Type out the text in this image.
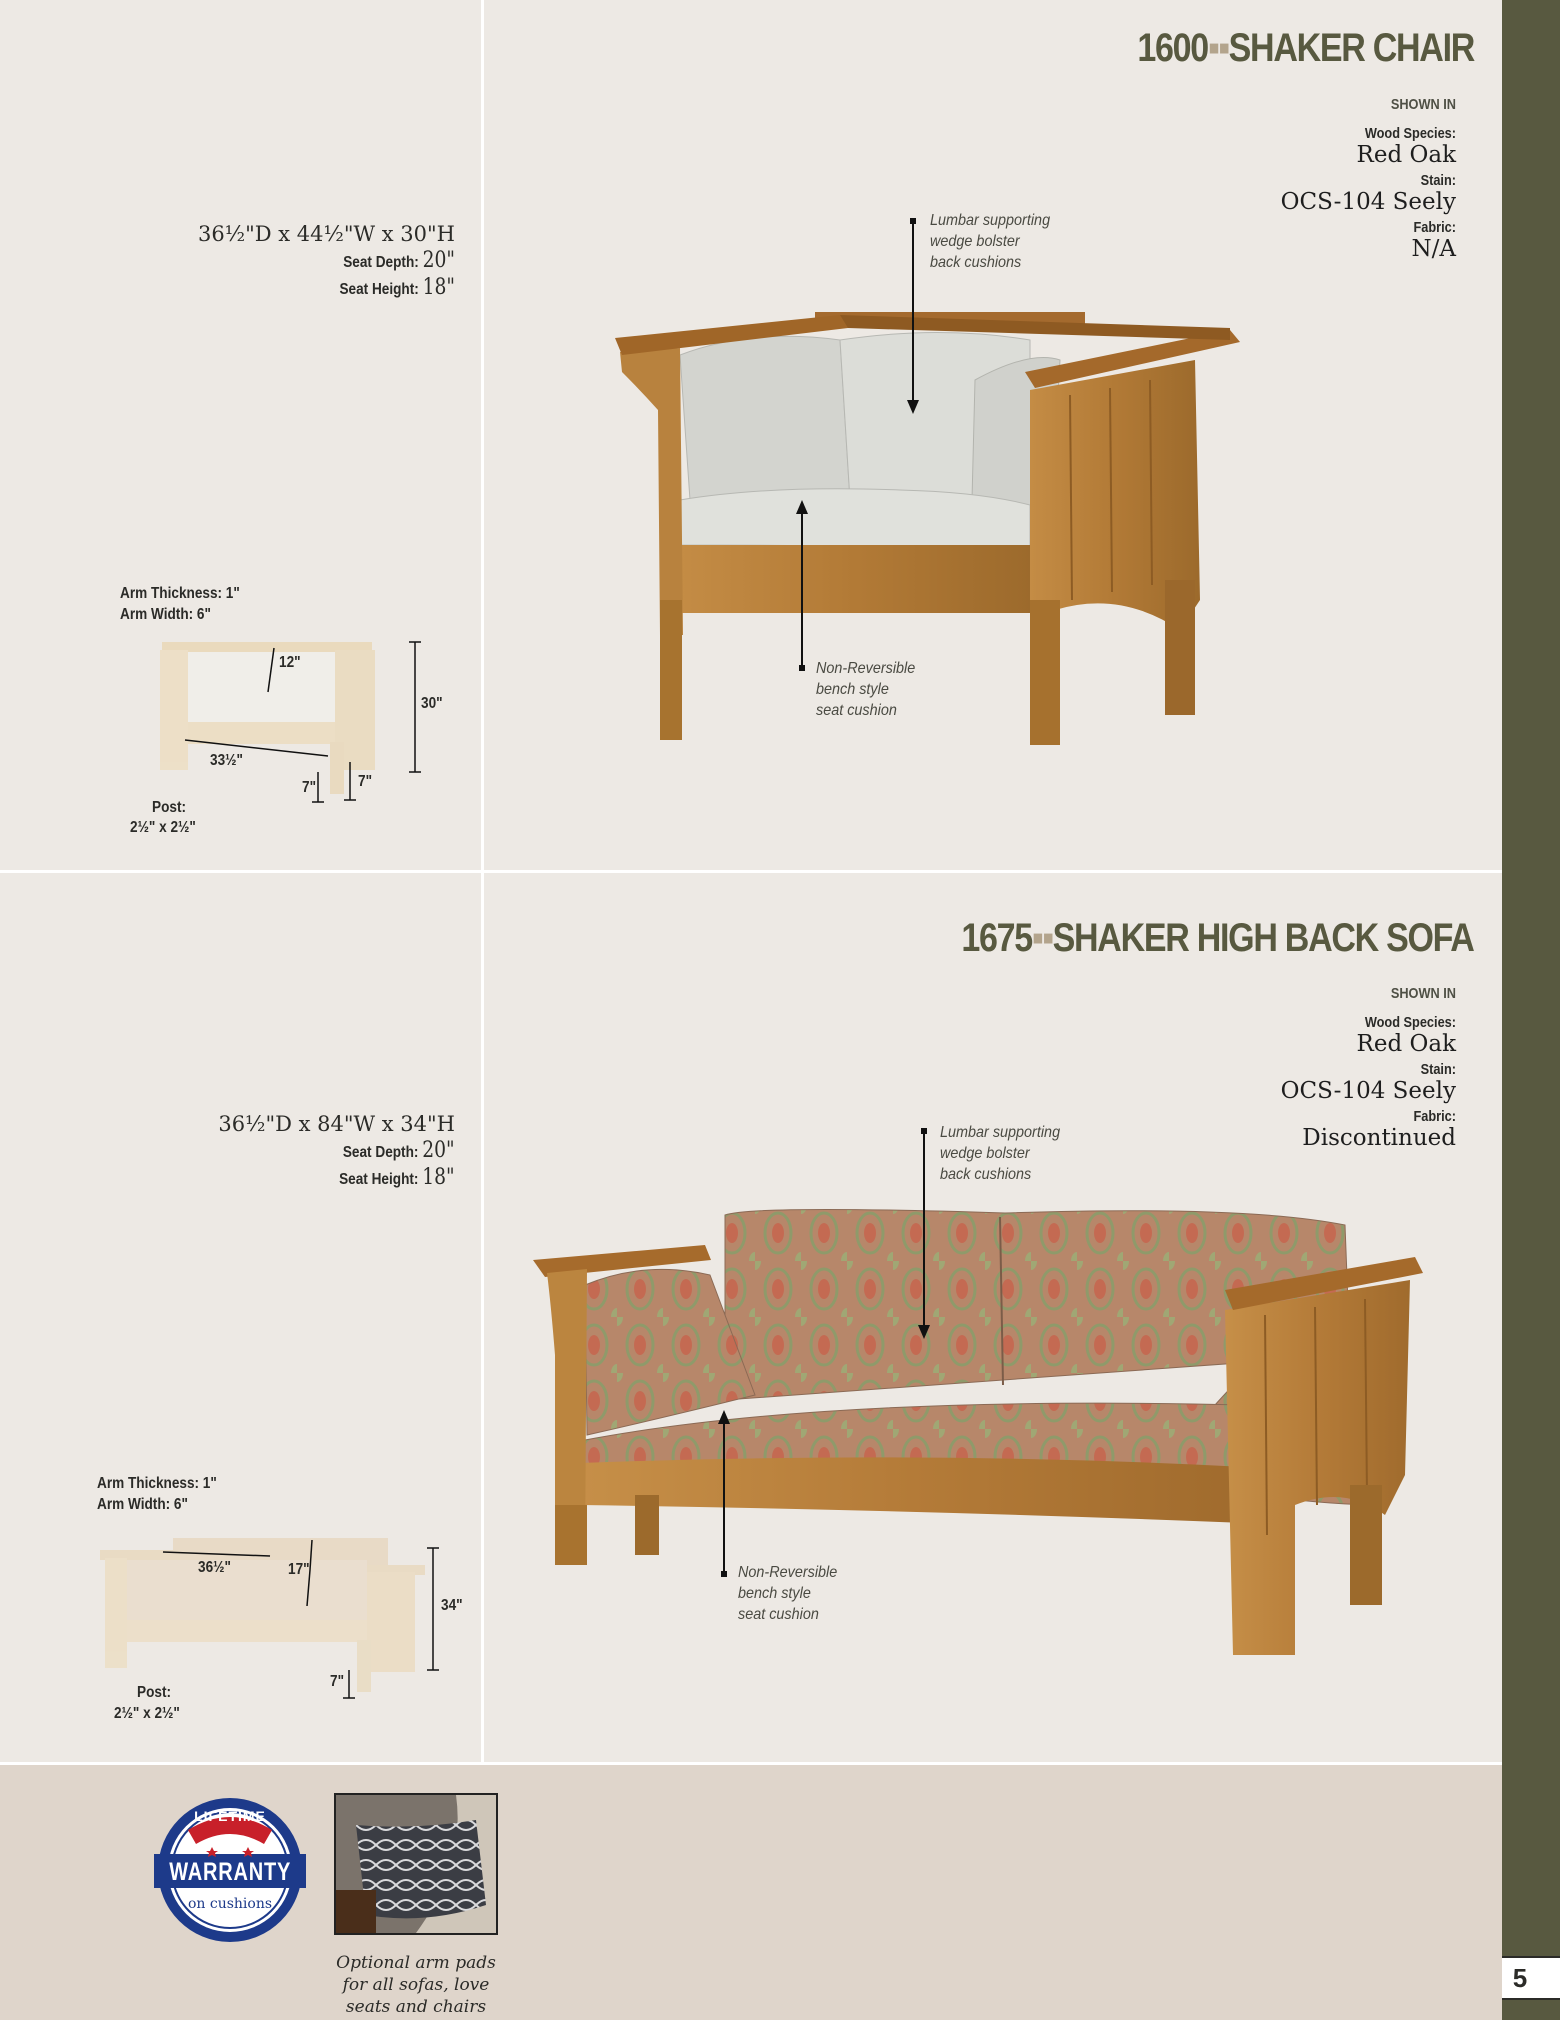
5
1600▪▪SHAKER CHAIR
SHOWN IN
Wood Species:
Red Oak
Stain:
OCS-104 Seely
Fabric:
N/A
36½"D x 44½"W x 30"H
Seat Depth: 20"
Seat Height: 18"
Lumbar supporting
wedge bolster
back cushions
Non-Reversible
bench style
seat cushion
Arm Thickness: 1"
Arm Width: 6"
12"
30"
33½"
7"	7"
Post:
2½" x 2½"
1675▪▪SHAKER HIGH BACK SOFA
SHOWN IN
Wood Species:
Red Oak
Stain:
OCS-104 Seely
Fabric:
Discontinued
36½"D x 84"W x 34"H
Seat Depth: 20"
Seat Height: 18"
Lumbar supporting
wedge bolster
back cushions
Non-Reversible
bench style
seat cushion
Arm Thickness: 1"
Arm Width: 6"
36½"	17"
34"
7"
Post:
2½" x 2½"
LIFETIME
WARRANTY
on cushions
Optional arm pads
for all sofas, love
seats and chairs
